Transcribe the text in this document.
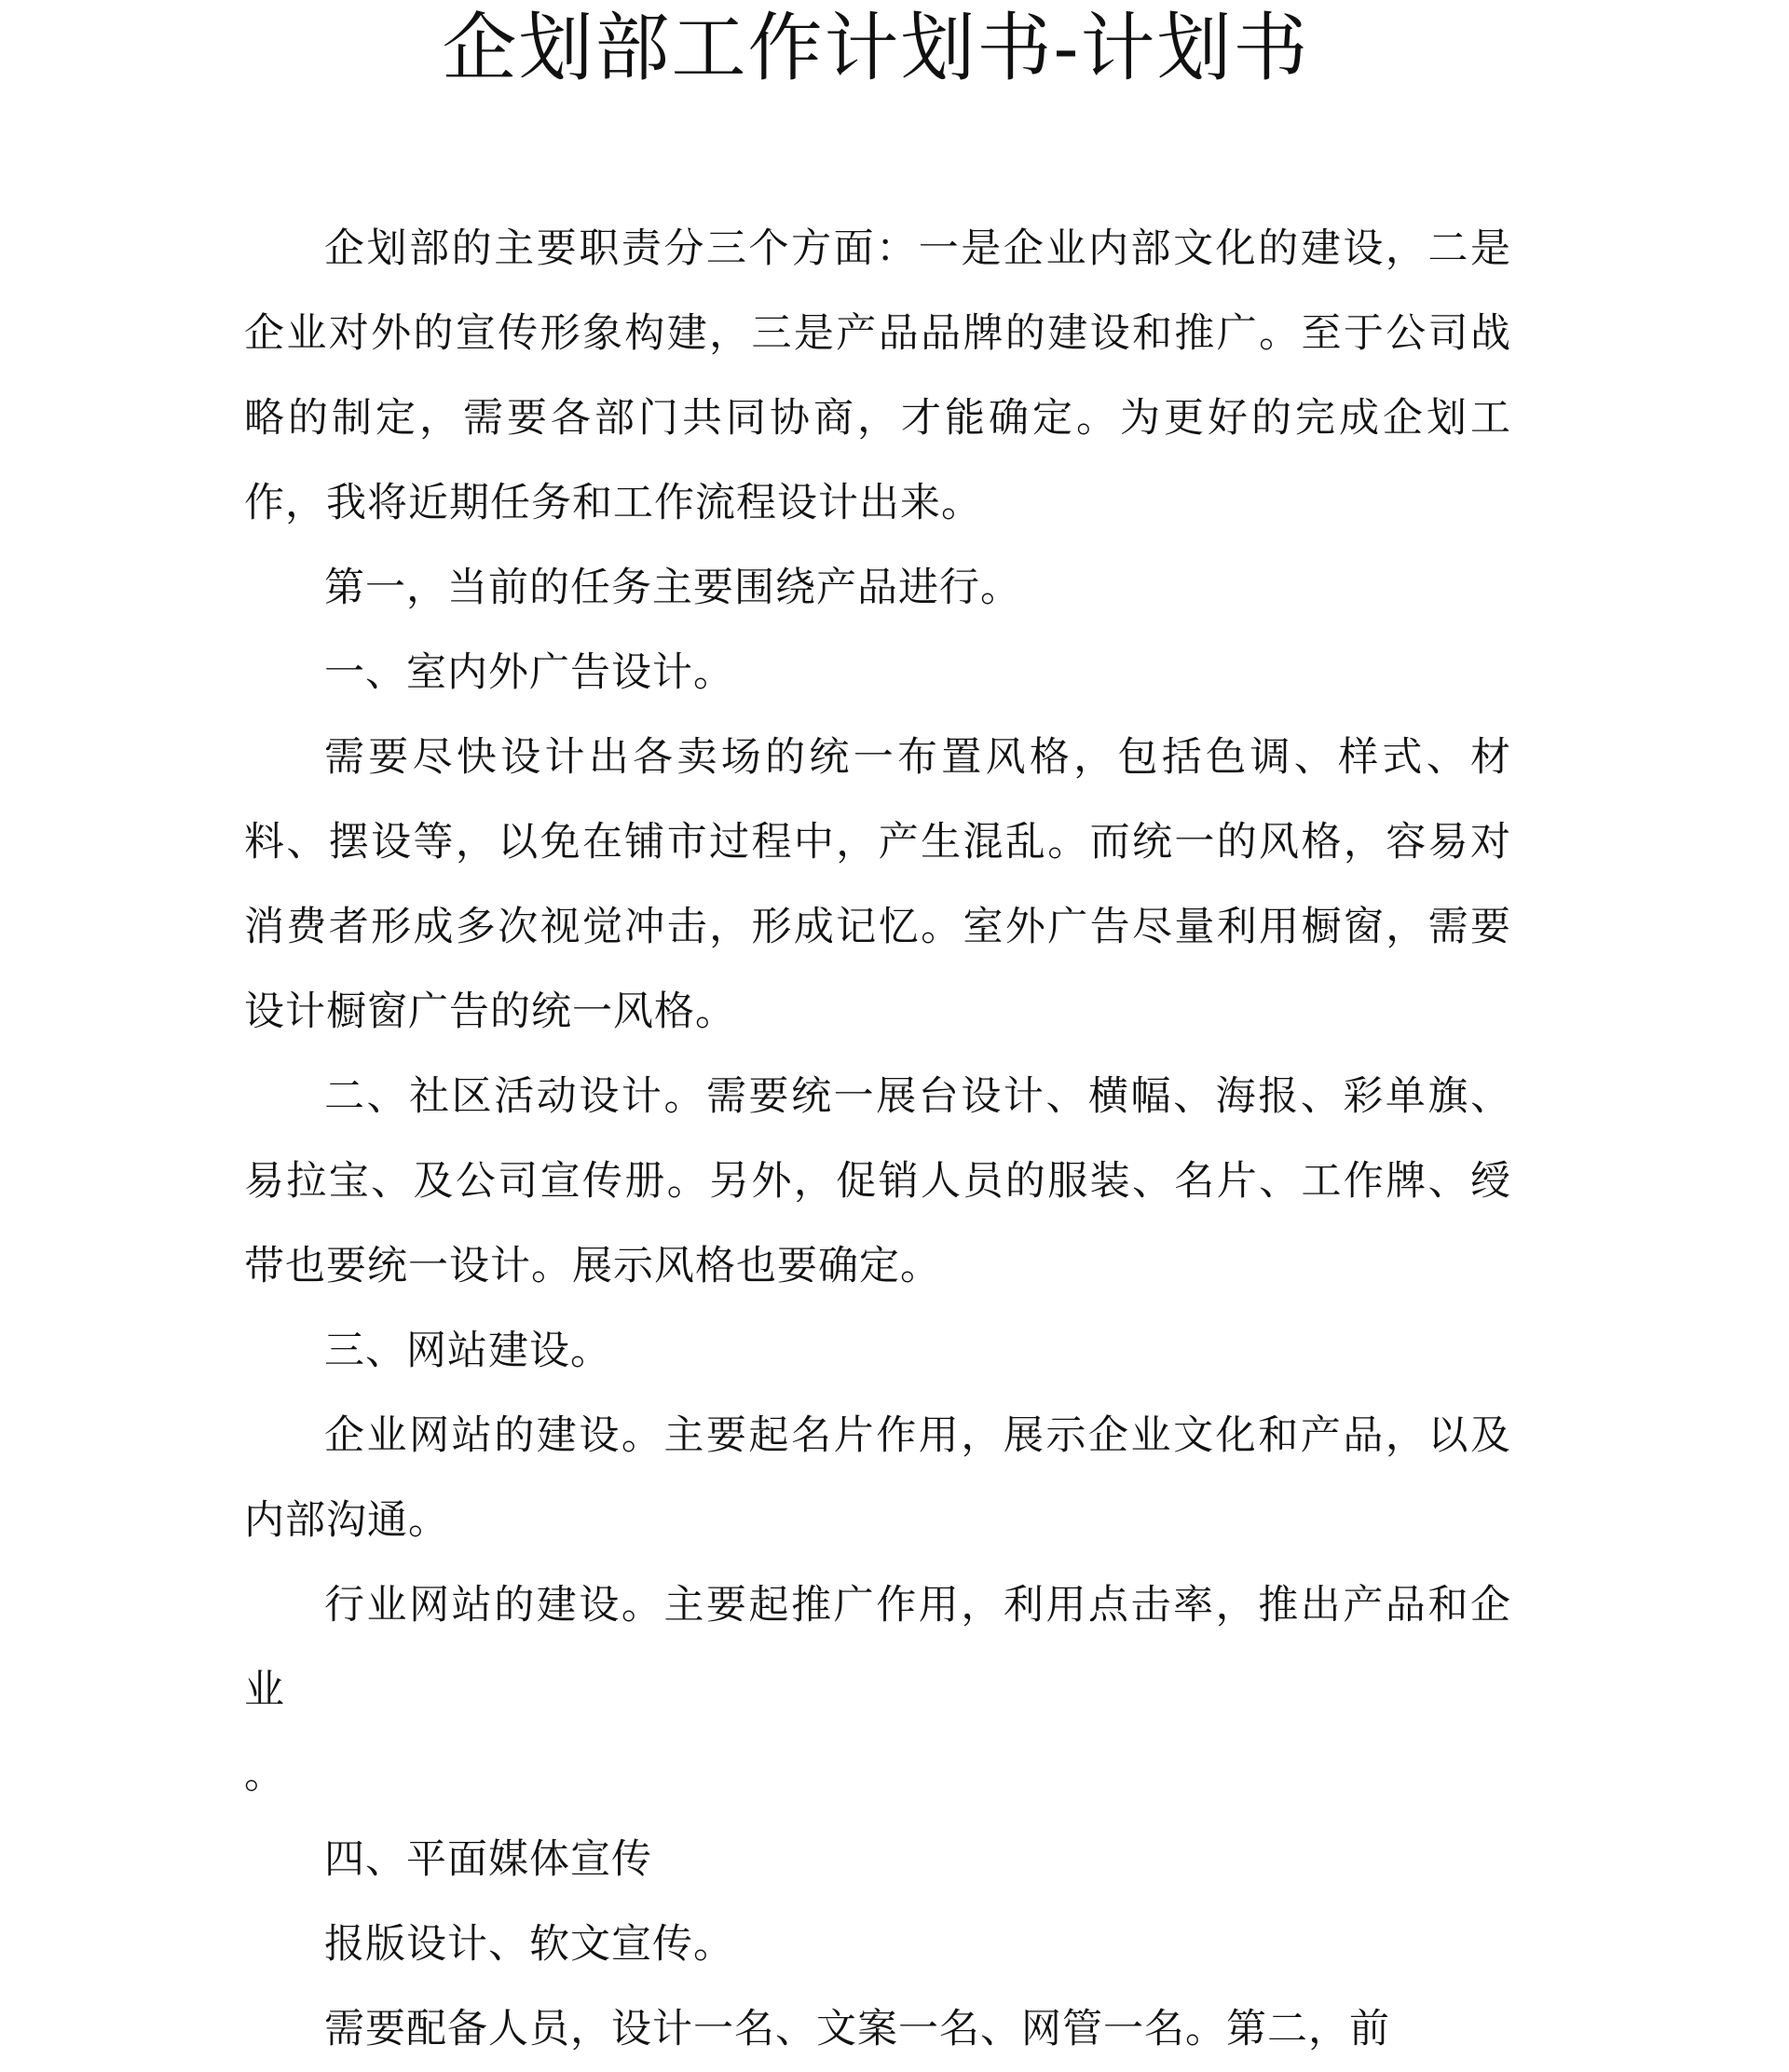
企划部工作计划书-计划书

企划部的主要职责分三个方面：一是企业内部文化的建设，二是企业对外的宣传形象构建，三是产品品牌的建设和推广。至于公司战略的制定，需要各部门共同协商，才能确定。为更好的完成企划工作，我将近期任务和工作流程设计出来。

第一，当前的任务主要围绕产品进行。

一、室内外广告设计。

需要尽快设计出各卖场的统一布置风格，包括色调、样式、材料、摆设等，以免在铺市过程中，产生混乱。而统一的风格，容易对消费者形成多次视觉冲击，形成记忆。室外广告尽量利用橱窗，需要设计橱窗广告的统一风格。

二、社区活动设计。需要统一展台设计、横幅、海报、彩单旗、易拉宝、及公司宣传册。另外，促销人员的服装、名片、工作牌、绶带也要统一设计。展示风格也要确定。

三、网站建设。

企业网站的建设。主要起名片作用，展示企业文化和产品，以及内部沟通。

行业网站的建设。主要起推广作用，利用点击率，推出产品和企业

。

四、平面媒体宣传

报版设计、软文宣传。

需要配备人员，设计一名、文案一名、网管一名。第二，前
